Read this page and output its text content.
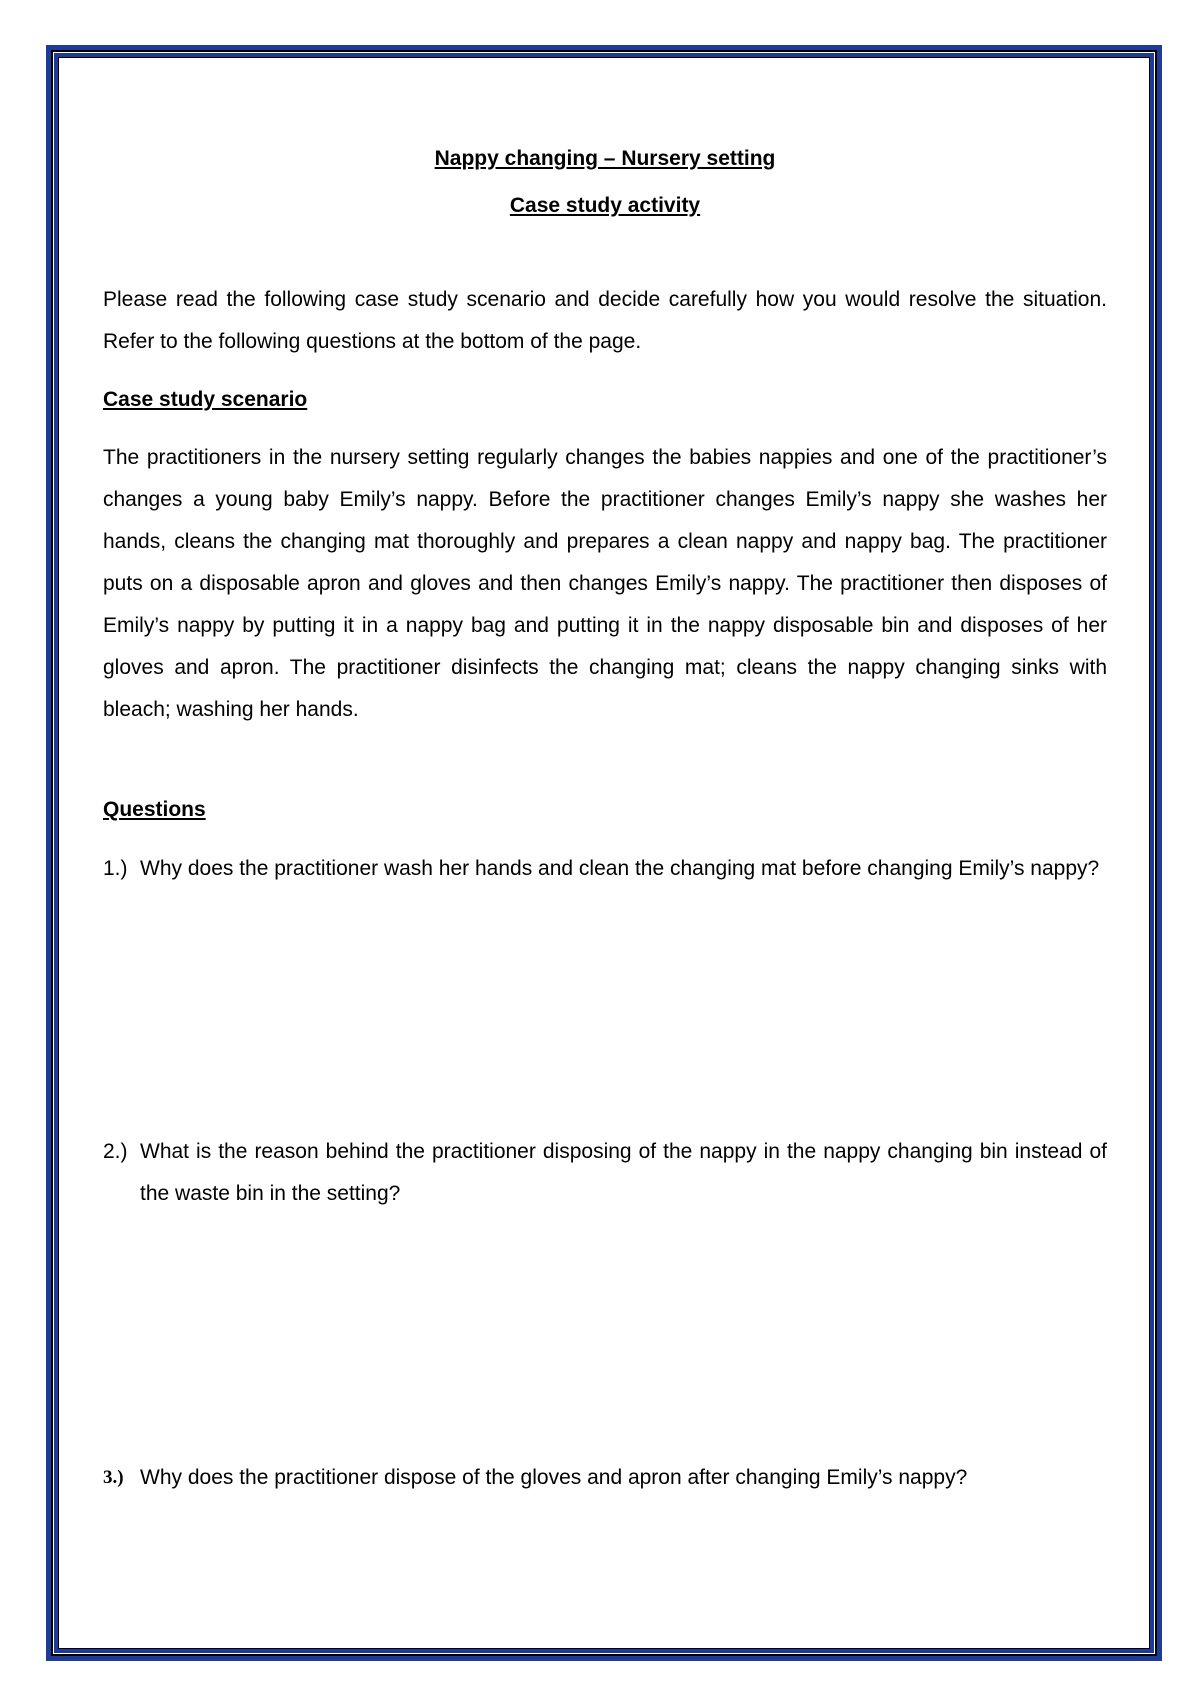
Nappy changing – Nursery setting
Case study activity
Please read the following case study scenario and decide carefully how you would resolve the situation. Refer to the following questions at the bottom of the page.
Case study scenario
The practitioners in the nursery setting regularly changes the babies nappies and one of the practitioner’s changes a young baby Emily’s nappy. Before the practitioner changes Emily’s nappy she washes her hands, cleans the changing mat thoroughly and prepares a clean nappy and nappy bag. The practitioner puts on a disposable apron and gloves and then changes Emily’s nappy. The practitioner then disposes of Emily’s nappy by putting it in a nappy bag and putting it in the nappy disposable bin and disposes of her gloves and apron. The practitioner disinfects the changing mat; cleans the nappy changing sinks with bleach; washing her hands.
Questions
1.) Why does the practitioner wash her hands and clean the changing mat before changing Emily’s nappy?
2.) What is the reason behind the practitioner disposing of the nappy in the nappy changing bin instead of the waste bin in the setting?
3.) Why does the practitioner dispose of the gloves and apron after changing Emily’s nappy?
